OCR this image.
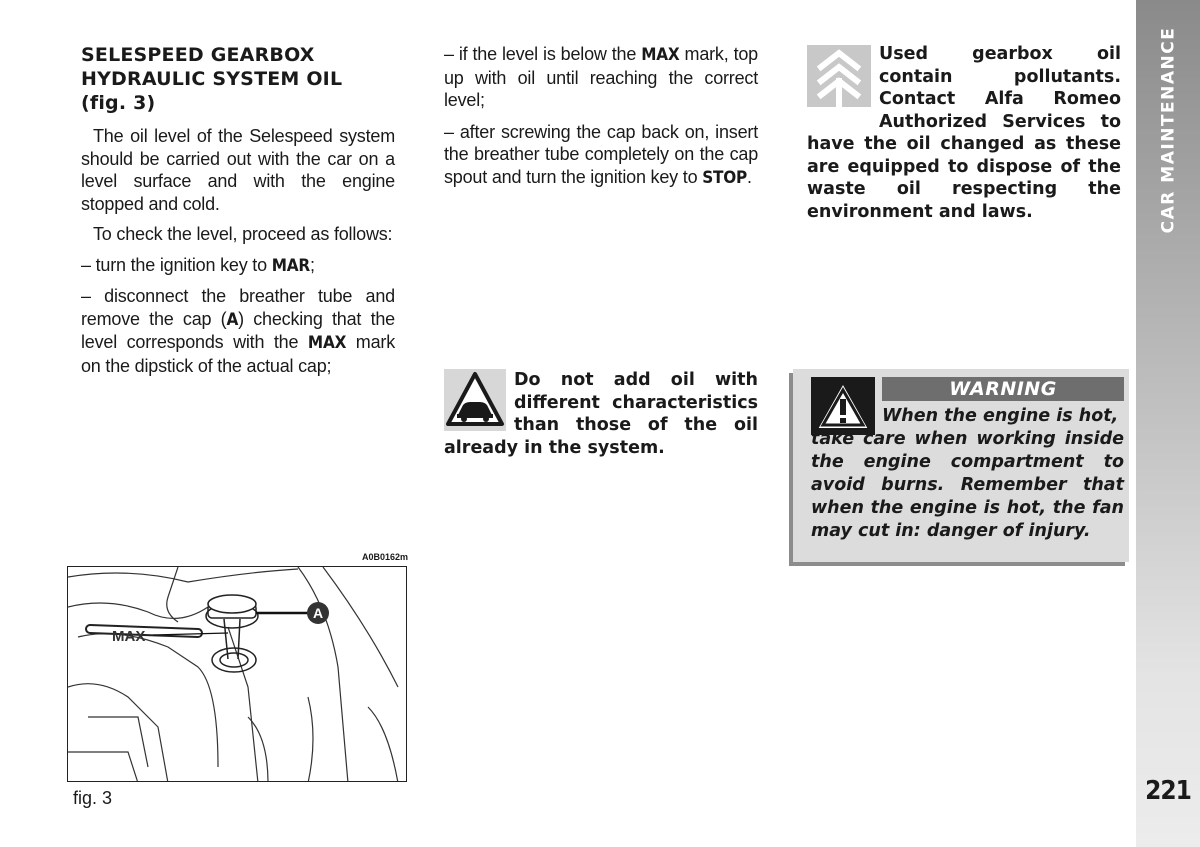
CAR MAINTENANCE
221
SELESPEED GEARBOX
HYDRAULIC SYSTEM OIL
(fig. 3)

The oil level of the Selespeed system should be carried out with the car on a level surface and with the engine stopped and cold.

To check the level, proceed as follows:

– turn the ignition key to MAR;

– disconnect the breather tube and remove the cap (A) checking that the level corresponds with the MAX mark on the dipstick of the actual cap;

– if the level is below the MAX mark, top up with oil until reaching the correct level;

– after screwing the cap back on, insert the breather tube completely on the cap spout and turn the ignition key to STOP.

Do not add oil with different characteristics than those of the oil already in the system.

Used gearbox oil contain pollutants. Contact Alfa Romeo Authorized Services to have the oil changed as these are equipped to dispose of the waste oil respecting the environment and laws.

WARNING
When the engine is hot,
take care when working inside the engine compartment to avoid burns. Remember that when the engine is hot, the fan may cut in: danger of injury.
A0B0162m
A
MAX
fig. 3
